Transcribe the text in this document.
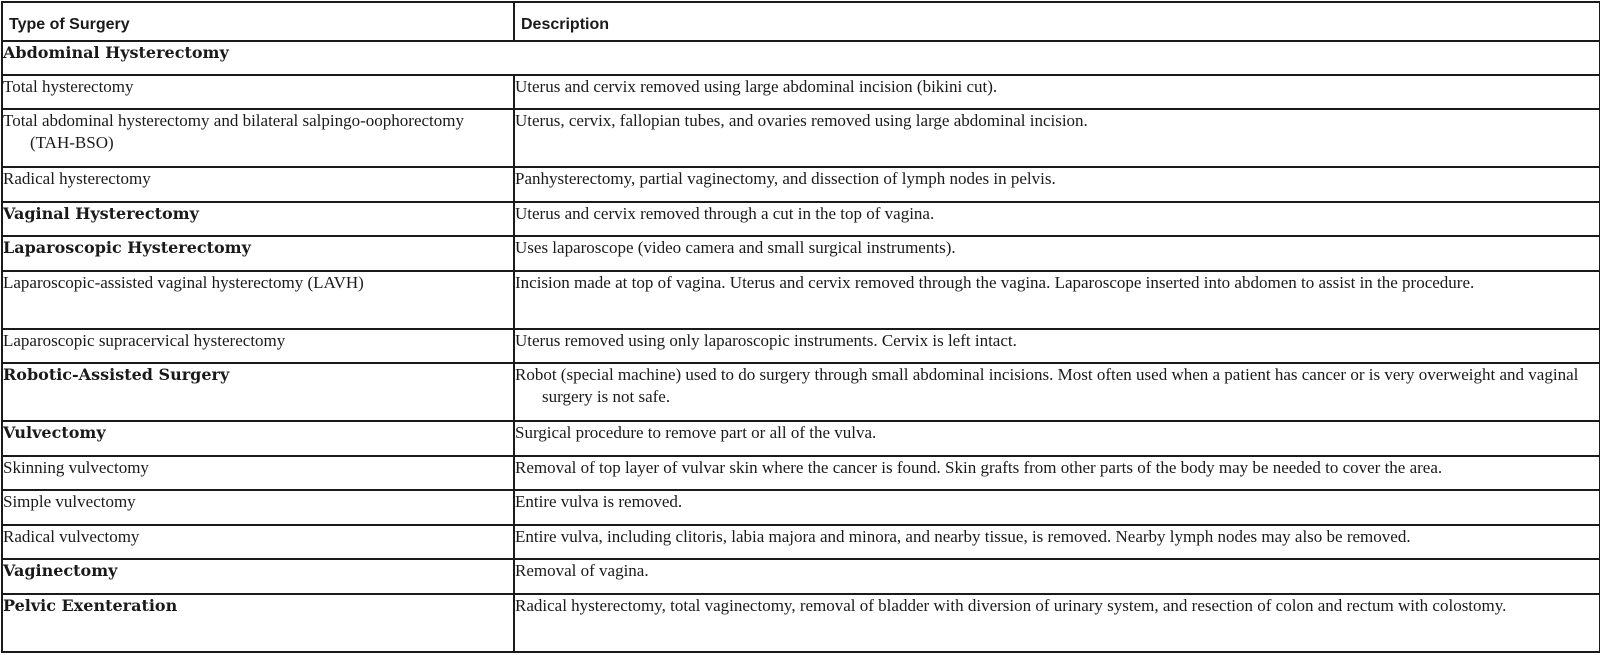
Type of Surgery	Description

Abdominal Hysterectomy	

Total hysterectomy	Uterus and cervix removed using large abdominal incision (bikini cut).

Total abdominal hysterectomy and bilateral salpingo-oophorectomy (TAH-BSO)	Uterus, cervix, fallopian tubes, and ovaries removed using large abdominal incision.

Radical hysterectomy	Panhysterectomy, partial vaginectomy, and dissection of lymph nodes in pelvis.

Vaginal Hysterectomy	Uterus and cervix removed through a cut in the top of vagina.

Laparoscopic Hysterectomy	Uses laparoscope (video camera and small surgical instruments).

Laparoscopic-assisted vaginal hysterectomy (LAVH)	Incision made at top of vagina. Uterus and cervix removed through the vagina. Laparoscope inserted into abdomen to assist in the procedure.

Laparoscopic supracervical hysterectomy	Uterus removed using only laparoscopic instruments. Cervix is left intact.

Robotic-Assisted Surgery	Robot (special machine) used to do surgery through small abdominal incisions. Most often used when a patient has cancer or is very overweight and vaginal surgery is not safe.

Vulvectomy	Surgical procedure to remove part or all of the vulva.

Skinning vulvectomy	Removal of top layer of vulvar skin where the cancer is found. Skin grafts from other parts of the body may be needed to cover the area.

Simple vulvectomy	Entire vulva is removed.

Radical vulvectomy	Entire vulva, including clitoris, labia majora and minora, and nearby tissue, is removed. Nearby lymph nodes may also be removed.

Vaginectomy	Removal of vagina.

Pelvic Exenteration	Radical hysterectomy, total vaginectomy, removal of bladder with diversion of urinary system, and resection of colon and rectum with colostomy.
